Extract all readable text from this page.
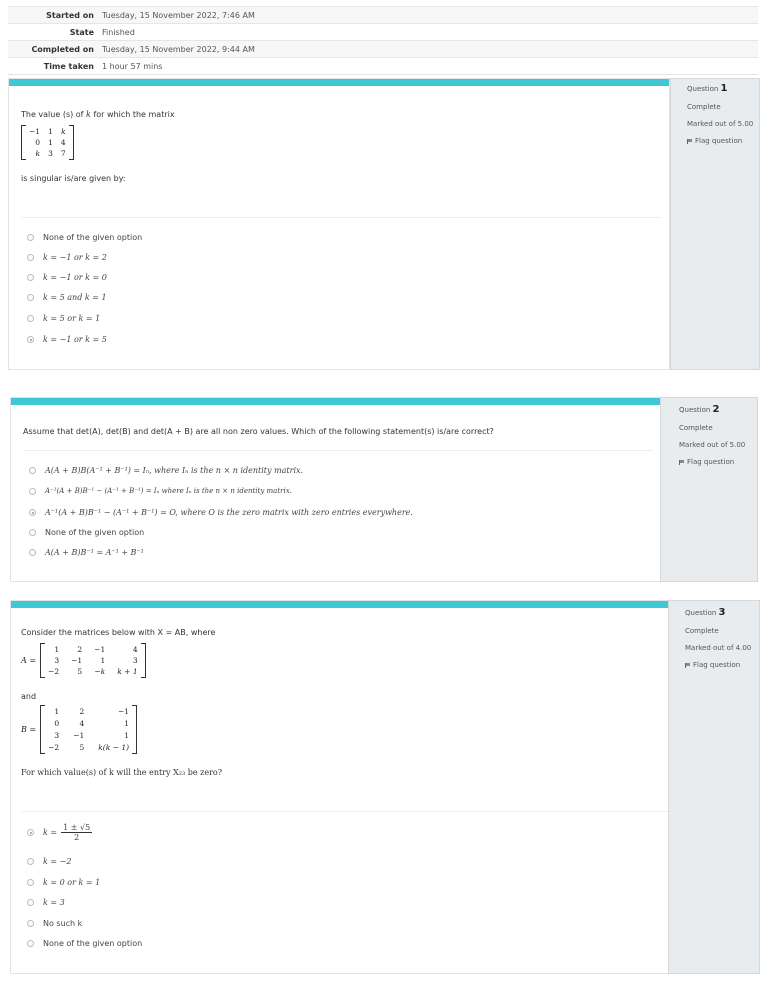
Started on	Tuesday, 15 November 2022, 7:46 AM
State	Finished
Completed on	Tuesday, 15 November 2022, 9:44 AM
Time taken	1 hour 57 mins
The value (s) of k for which the matrix
−1 1 k
0 1 4
k 3 7
is singular is/are given by:
None of the given option
k = −1 or k = 2
k = −1 or k = 0
k = 5 and k = 1
k = 5 or k = 1
k = −1 or k = 5
Question 1
Complete
Marked out of 5.00
Flag question
Assume that det(A), det(B) and det(A + B) are all non zero values. Which of the following statement(s) is/are correct?
A(A + B)B(A⁻¹ + B⁻¹) = Iₙ, where Iₙ is the n × n identity matrix.
A⁻¹(A + B)B⁻¹ − (A⁻¹ + B⁻¹) = Iₙ where Iₙ is the n × n identity matrix.
A⁻¹(A + B)B⁻¹ − (A⁻¹ + B⁻¹) = O, where O is the zero matrix with zero entries everywhere.
None of the given option
A(A + B)B⁻¹ = A⁻¹ + B⁻¹
Question 2
Complete
Marked out of 5.00
Flag question
Consider the matrices below with X = AB, where
A =
1	2 −1	4
3 −1	1	3
−2	5 −k k + 1
and
B =
1	2	−1
0	4	1
3 −1	1
−2	5 k(k − 1)
For which value(s) of k will the entry X₂₃ be zero?
$k = \frac{1 \pm √5}{2}$
k = −2
k = 0 or k = 1
k = 3
No such k
None of the given option
Question 3
Complete
Marked out of 4.00
Flag question
